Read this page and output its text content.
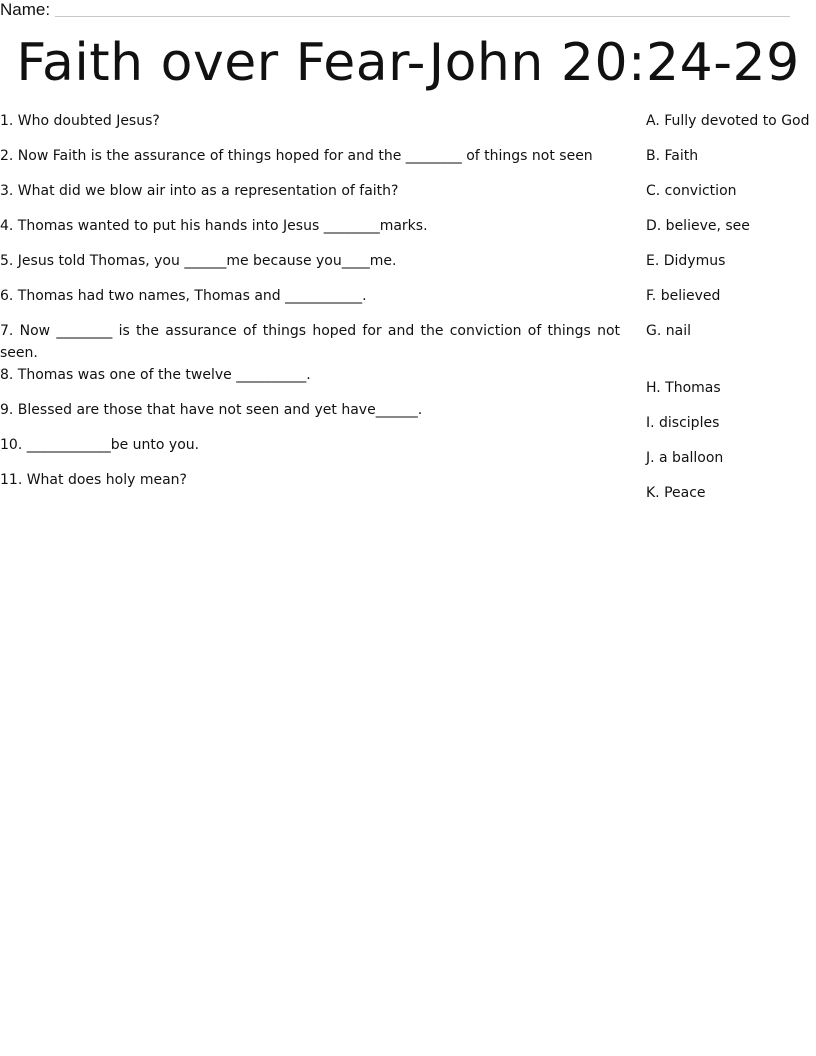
Name:
Faith over Fear-John 20:24-29
1. Who doubted Jesus?
2. Now Faith is the assurance of things hoped for and the ________ of things not seen
3. What did we blow air into as a representation of faith?
4. Thomas wanted to put his hands into Jesus ________marks.
5. Jesus told Thomas, you ______me because you____me.
6. Thomas had two names, Thomas and ___________.
7. Now ________ is the assurance of things hoped for and the conviction of things not seen.
8. Thomas was one of the twelve __________.
9. Blessed are those that have not seen and yet have______.
10. ____________be unto you.
11. What does holy mean?
A. Fully devoted to God
B. Faith
C. conviction
D. believe, see
E. Didymus
F. believed
G. nail
H. Thomas
I. disciples
J. a balloon
K. Peace
